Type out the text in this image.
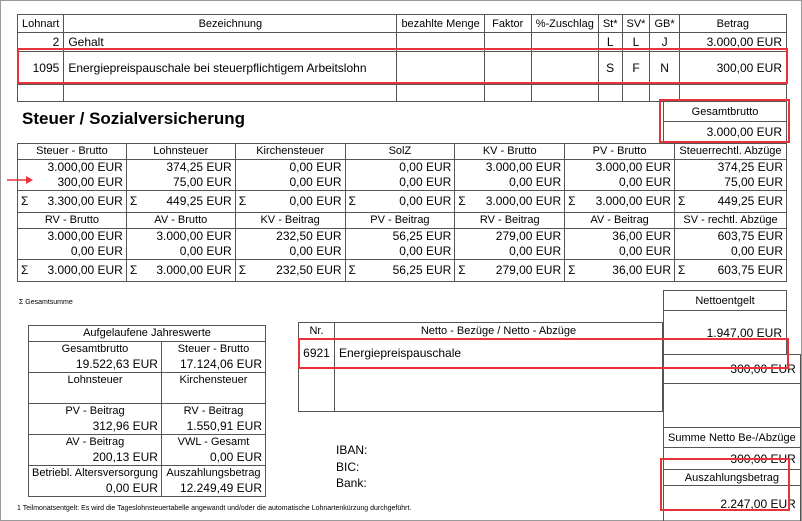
Lohnart	Bezeichnung	bezahlte Menge	Faktor	%-Zuschlag	St*	SV*	GB*	Betrag
2	Gehalt				L	L	J	3.000,00 EUR
1095	Energiepreispauschale bei steuerpflichtigem Arbeitslohn				S	F	N	300,00 EUR

Steuer / Sozialversicherung	Gesamtbrutto
3.000,00 EUR
Steuer - Brutto	Lohnsteuer	Kirchensteuer	SolZ	KV - Brutto	PV - Brutto	Steuerrechtl. Abzüge
3.000,00 EUR	374,25 EUR	0,00 EUR	0,00 EUR	3.000,00 EUR	3.000,00 EUR	374,25 EUR
300,00 EUR	75,00 EUR	0,00 EUR	0,00 EUR	0,00 EUR	0,00 EUR	75,00 EUR

Σ 3.300,00 EUR	Σ 449,25 EUR	Σ 0,00 EUR	Σ 0,00 EUR	Σ 3.000,00 EUR	Σ 3.000,00 EUR	Σ 449,25 EUR
RV - Brutto	AV - Brutto	KV - Beitrag	PV - Beitrag	RV - Beitrag	AV - Beitrag	SV - rechtl. Abzüge
3.000,00 EUR	3.000,00 EUR	232,50 EUR	56,25 EUR	279,00 EUR	36,00 EUR	603,75 EUR
0,00 EUR	0,00 EUR	0,00 EUR	0,00 EUR	0,00 EUR	0,00 EUR	0,00 EUR

Σ 3.000,00 EUR	Σ 3.000,00 EUR	Σ 232,50 EUR	Σ 56,25 EUR	Σ 279,00 EUR	Σ 36,00 EUR	Σ 603,75 EUR
Σ Gesamtsumme	Nettoentgelt
1.947,00 EUR
Aufgelaufene Jahreswerte	
Gesamtbrutto	Steuer - Brutto
19.522,63 EUR	17.124,06 EUR
Lohnsteuer	Kirchensteuer

PV - Beitrag	RV - Beitrag
312,96 EUR	1.550,91 EUR
AV - Beitrag	VWL - Gesamt
200,13 EUR	0,00 EUR
Betriebl. Altersversorgung	Auszahlungsbetrag
0,00 EUR	12.249,49 EUR
Nr.	Netto - Bezüge / Netto - Abzüge
6921	Energiepreispauschale

300,00 EUR

Summe Netto Be-/Abzüge
300,00 EUR
Auszahlungsbetrag
2.247,00 EUR
IBAN:
BIC:
Bank:
1 Teilmonatsentgelt: Es wird die Tageslohnsteuertabelle angewandt und/oder die automatische Lohnartenkürzung durchgeführt.
